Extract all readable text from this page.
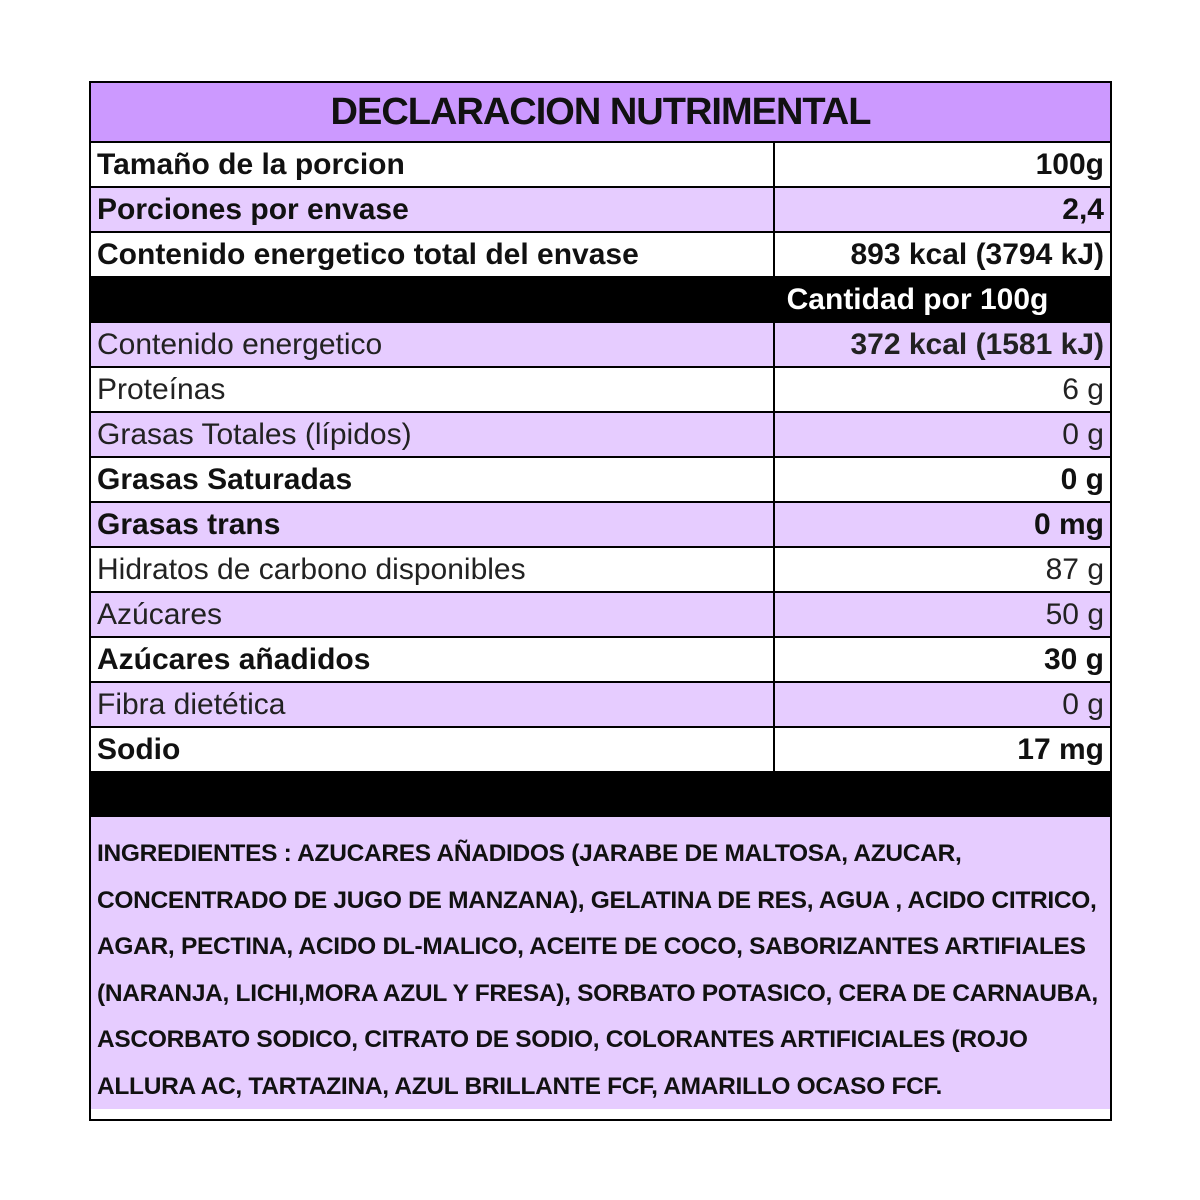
DECLARACION NUTRIMENTAL
Tamaño de la porcion	100g
Porciones por envase	2,4
Contenido energetico total del envase	893 kcal (3794 kJ)
Cantidad por 100g
Contenido energetico	372 kcal (1581 kJ)
Proteínas	6 g
Grasas Totales (lípidos)	0 g
Grasas Saturadas	0 g
Grasas trans	0 mg
Hidratos de carbono disponibles	87 g
Azúcares	50 g
Azúcares añadidos	30 g
Fibra dietética	0 g
Sodio	17 mg
INGREDIENTES : AZUCARES AÑADIDOS (JARABE DE MALTOSA, AZUCAR, CONCENTRADO DE JUGO DE MANZANA), GELATINA DE RES, AGUA , ACIDO CITRICO, AGAR, PECTINA, ACIDO DL-MALICO, ACEITE DE COCO, SABORIZANTES ARTIFIALES (NARANJA, LICHI,MORA AZUL Y FRESA), SORBATO POTASICO, CERA DE CARNAUBA, ASCORBATO SODICO, CITRATO DE SODIO, COLORANTES ARTIFICIALES (ROJO ALLURA AC, TARTAZINA, AZUL BRILLANTE FCF, AMARILLO OCASO FCF.
